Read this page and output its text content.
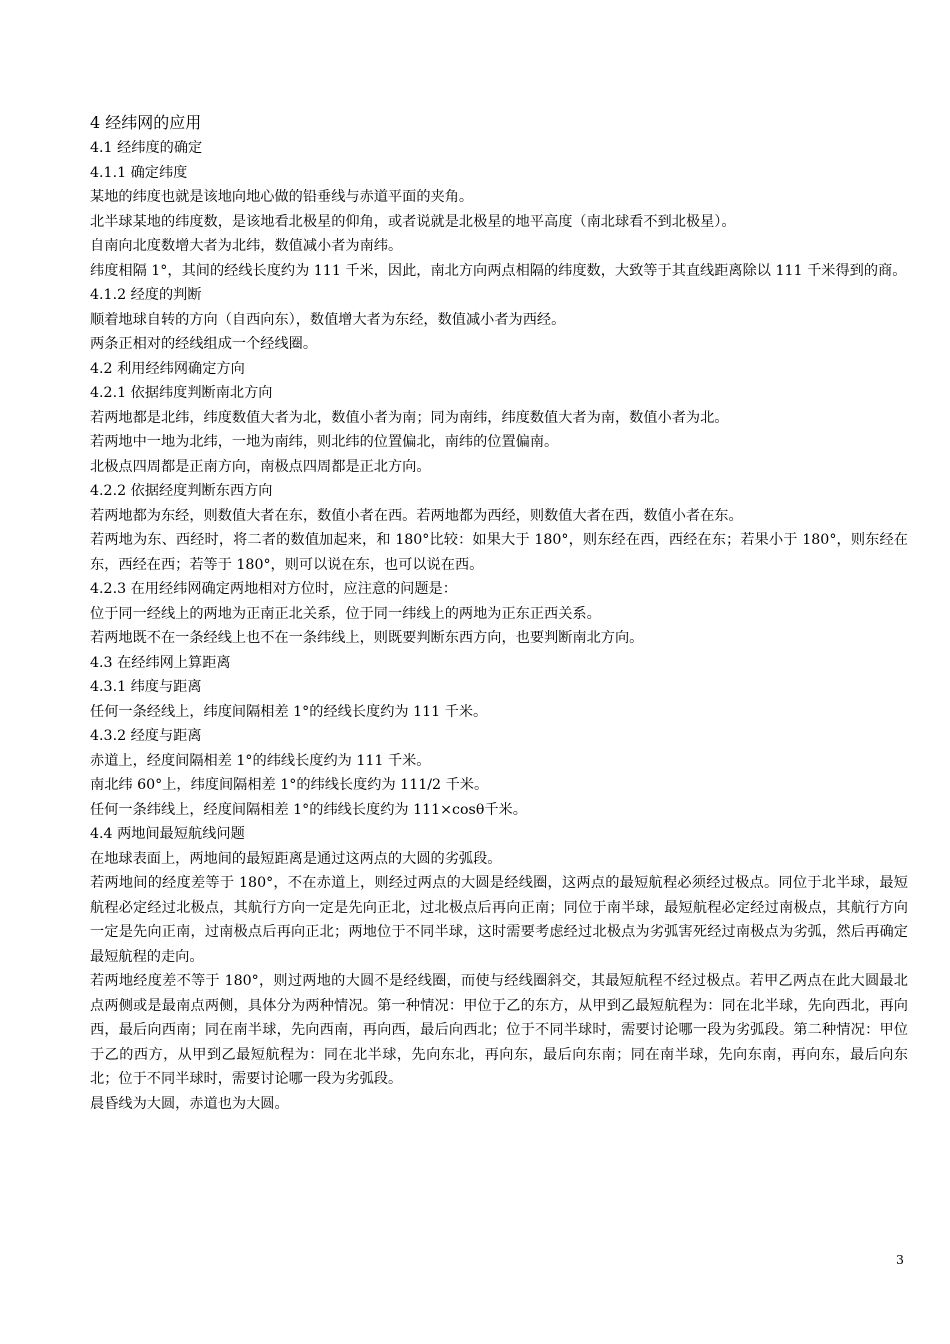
4 经纬网的应用
4.1 经纬度的确定
4.1.1 确定纬度
某地的纬度也就是该地向地心做的铅垂线与赤道平面的夹角。
北半球某地的纬度数，是该地看北极星的仰角，或者说就是北极星的地平高度（南北球看不到北极星）。
自南向北度数增大者为北纬，数值减小者为南纬。
纬度相隔 1°，其间的经线长度约为 111 千米，因此，南北方向两点相隔的纬度数，大致等于其直线距离除以 111 千米得到的商。
4.1.2 经度的判断
顺着地球自转的方向（自西向东），数值增大者为东经，数值减小者为西经。
两条正相对的经线组成一个经线圈。
4.2 利用经纬网确定方向
4.2.1 依据纬度判断南北方向
若两地都是北纬，纬度数值大者为北，数值小者为南；同为南纬，纬度数值大者为南，数值小者为北。
若两地中一地为北纬，一地为南纬，则北纬的位置偏北，南纬的位置偏南。
北极点四周都是正南方向，南极点四周都是正北方向。
4.2.2 依据经度判断东西方向
若两地都为东经，则数值大者在东，数值小者在西。若两地都为西经，则数值大者在西，数值小者在东。
若两地为东、西经时，将二者的数值加起来，和 180°比较：如果大于 180°，则东经在西，西经在东；若果小于 180°，则东经在东，西经在西；若等于 180°，则可以说在东，也可以说在西。
4.2.3 在用经纬网确定两地相对方位时，应注意的问题是：
位于同一经线上的两地为正南正北关系，位于同一纬线上的两地为正东正西关系。
若两地既不在一条经线上也不在一条纬线上，则既要判断东西方向，也要判断南北方向。
4.3 在经纬网上算距离
4.3.1 纬度与距离
任何一条经线上，纬度间隔相差 1°的经线长度约为 111 千米。
4.3.2 经度与距离
赤道上，经度间隔相差 1°的纬线长度约为 111 千米。
南北纬 60°上，纬度间隔相差 1°的纬线长度约为 111/2 千米。
任何一条纬线上，经度间隔相差 1°的纬线长度约为 111×cosθ千米。
4.4 两地间最短航线问题
在地球表面上，两地间的最短距离是通过这两点的大圆的劣弧段。
若两地间的经度差等于 180°，不在赤道上，则经过两点的大圆是经线圈，这两点的最短航程必须经过极点。同位于北半球，最短航程必定经过北极点，其航行方向一定是先向正北，过北极点后再向正南；同位于南半球，最短航程必定经过南极点，其航行方向一定是先向正南，过南极点后再向正北；两地位于不同半球，这时需要考虑经过北极点为劣弧害死经过南极点为劣弧，然后再确定最短航程的走向。
若两地经度差不等于 180°，则过两地的大圆不是经线圈，而使与经线圈斜交，其最短航程不经过极点。若甲乙两点在此大圆最北点两侧或是最南点两侧，具体分为两种情况。第一种情况：甲位于乙的东方，从甲到乙最短航程为：同在北半球，先向西北，再向西，最后向西南；同在南半球，先向西南，再向西，最后向西北；位于不同半球时，需要讨论哪一段为劣弧段。第二种情况：甲位于乙的西方，从甲到乙最短航程为：同在北半球，先向东北，再向东，最后向东南；同在南半球，先向东南，再向东，最后向东北；位于不同半球时，需要讨论哪一段为劣弧段。
晨昏线为大圆，赤道也为大圆。
3
